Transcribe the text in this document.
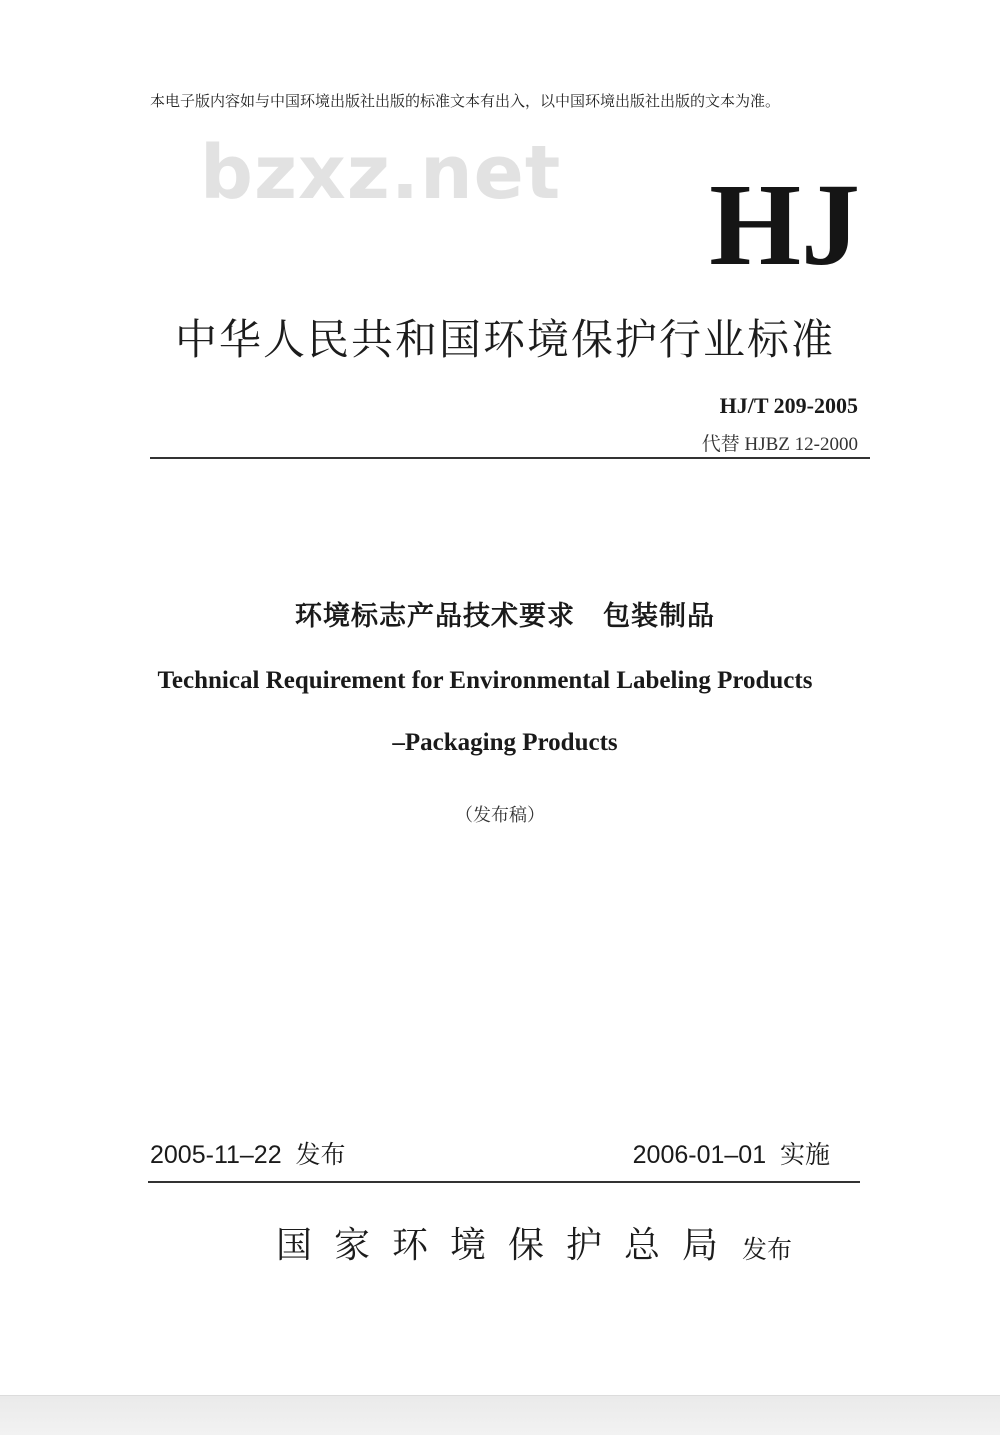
本电子版内容如与中国环境出版社出版的标准文本有出入，以中国环境出版社出版的文本为准。
bzxz.net HJ
中华人民共和国环境保护行业标准
HJ/T 209-2005
代替 HJBZ 12-2000
环境标志产品技术要求　包装制品
Technical Requirement for Environmental Labeling Products
–Packaging Products
（发布稿）
2005-11–22  发布	2006-01–01  实施
国家环境保护总局 发布
